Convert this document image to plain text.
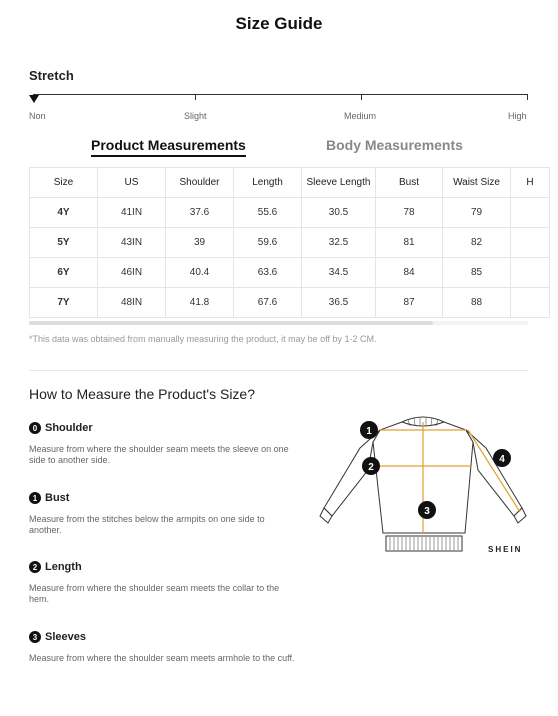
Size Guide
Stretch
Non	Slight	Medium	High
Product Measurements	Body Measurements
Size	US	Shoulder	Length	Sleeve Length	Bust	Waist Size	H
4Y	41IN	37.6	55.6	30.5	78	79	
5Y	43IN	39	59.6	32.5	81	82	
6Y	46IN	40.4	63.6	34.5	84	85	
7Y	48IN	41.8	67.6	36.5	87	88	
*This data was obtained from manually measuring the product, it may be off by 1-2 CM.
How to Measure the Product's Size?
0 Shoulder
Measure from where the shoulder seam meets the sleeve on one side to another side.
1 Bust
Measure from the stitches below the armpits on one side to another.
2 Length
Measure from where the shoulder seam meets the collar to the hem.
3 Sleeves
Measure from where the shoulder seam meets armhole to the cuff.
1
2
3
4
SHEIN
